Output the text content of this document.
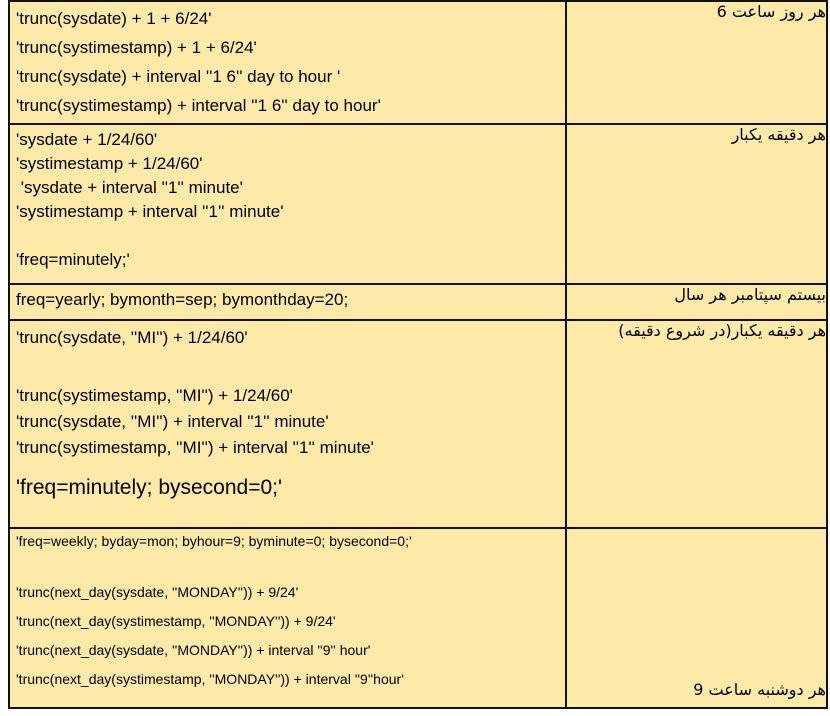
'trunc(sysdate) + 1 + 6/24'
'trunc(systimestamp) + 1 + 6/24'
'trunc(sysdate) + interval ''1 6'' day to hour '
'trunc(systimestamp) + interval ''1 6'' day to hour'	هر روز ساعت 6

'sysdate + 1/24/60'
'systimestamp + 1/24/60'
'sysdate + interval ''1'' minute'
'systimestamp + interval ''1'' minute'
'freq=minutely;'	هر دقیقه یکبار

freq=yearly; bymonth=sep; bymonthday=20;	بیستم سپتامبر هر سال

'trunc(sysdate, ''MI'') + 1/24/60'
'trunc(systimestamp, ''MI'') + 1/24/60'
'trunc(sysdate, ''MI'') + interval ''1'' minute'
'trunc(systimestamp, ''MI'') + interval ''1'' minute'
'freq=minutely; bysecond=0;'	هر دقیقه یکبار(در شروع دقیقه)

'freq=weekly; byday=mon; byhour=9; byminute=0; bysecond=0;'
'trunc(next_day(sysdate, ''MONDAY'')) + 9/24'
'trunc(next_day(systimestamp, ''MONDAY'')) + 9/24'
'trunc(next_day(sysdate, ''MONDAY'')) + interval ''9'' hour'
'trunc(next_day(systimestamp, ''MONDAY'')) + interval ''9''hour'	هر دوشنبه ساعت 9
